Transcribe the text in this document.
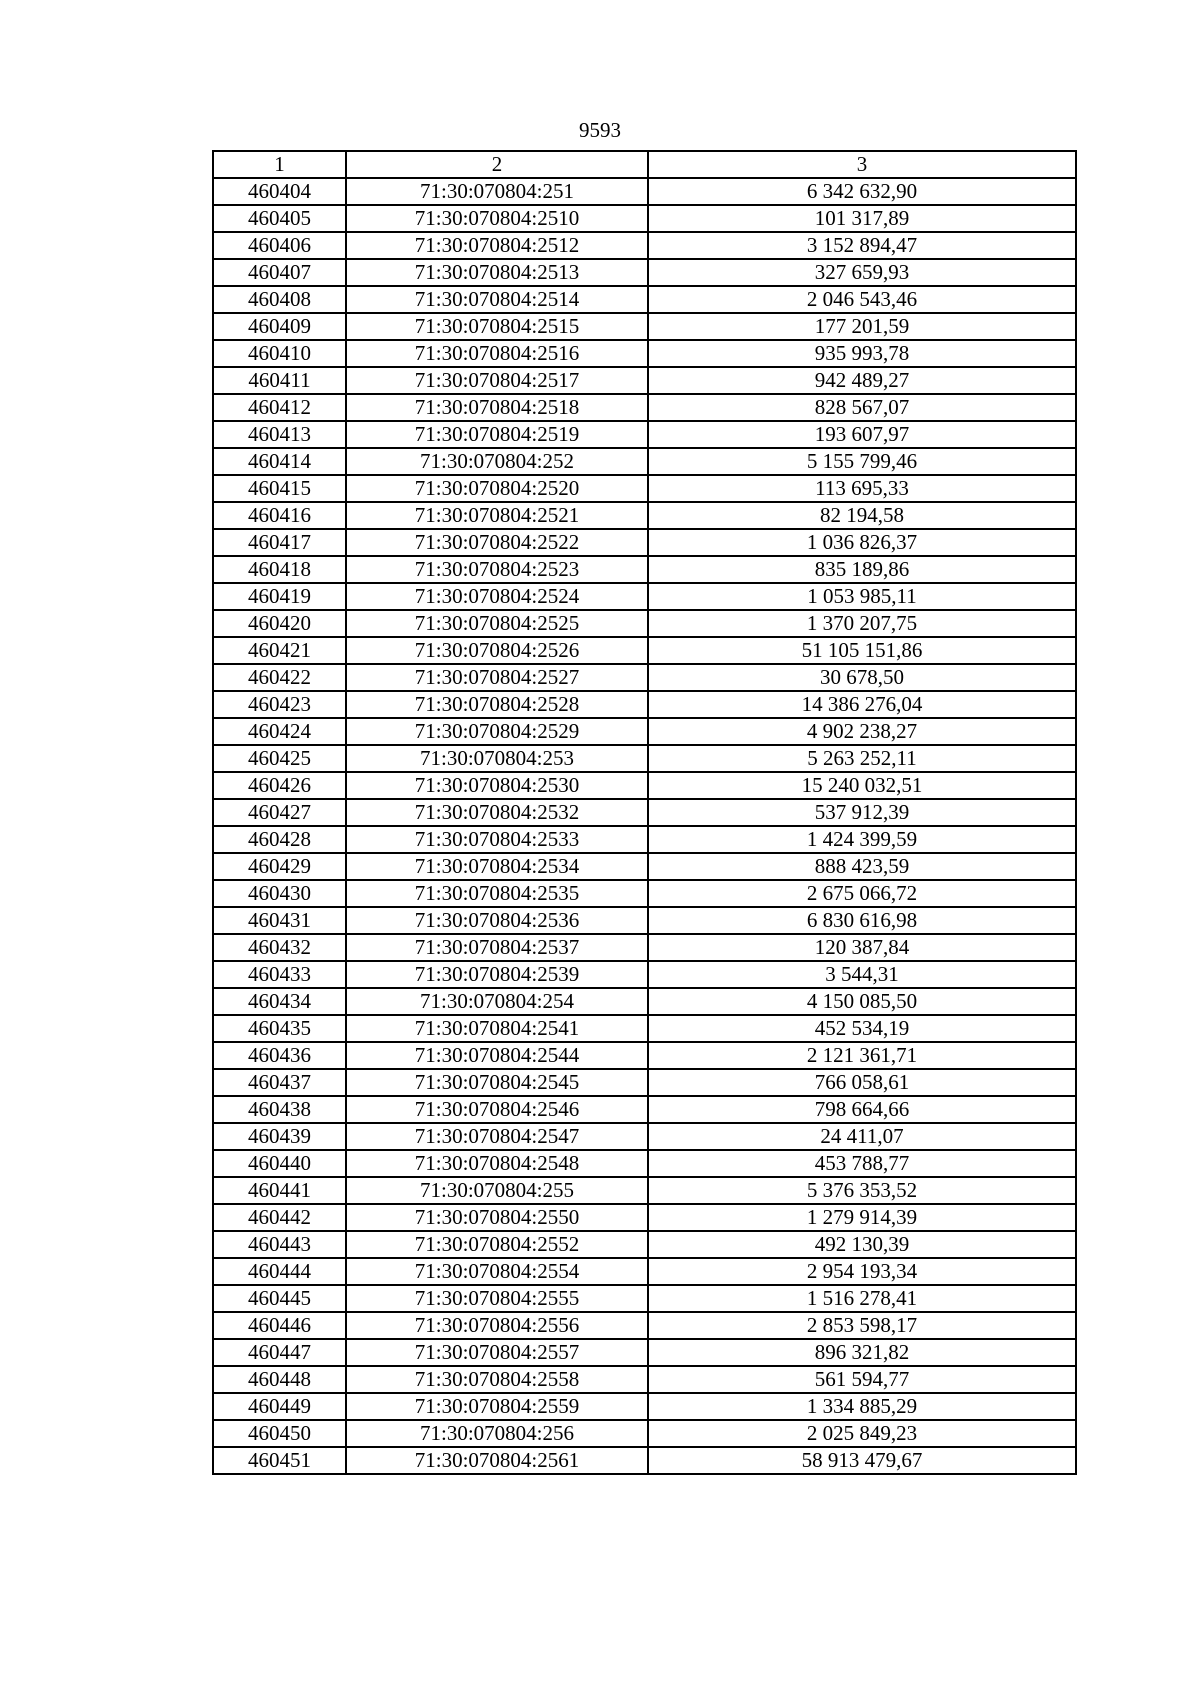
9593
1	2	3
460404	71:30:070804:251	6 342 632,90
460405	71:30:070804:2510	101 317,89
460406	71:30:070804:2512	3 152 894,47
460407	71:30:070804:2513	327 659,93
460408	71:30:070804:2514	2 046 543,46
460409	71:30:070804:2515	177 201,59
460410	71:30:070804:2516	935 993,78
460411	71:30:070804:2517	942 489,27
460412	71:30:070804:2518	828 567,07
460413	71:30:070804:2519	193 607,97
460414	71:30:070804:252	5 155 799,46
460415	71:30:070804:2520	113 695,33
460416	71:30:070804:2521	82 194,58
460417	71:30:070804:2522	1 036 826,37
460418	71:30:070804:2523	835 189,86
460419	71:30:070804:2524	1 053 985,11
460420	71:30:070804:2525	1 370 207,75
460421	71:30:070804:2526	51 105 151,86
460422	71:30:070804:2527	30 678,50
460423	71:30:070804:2528	14 386 276,04
460424	71:30:070804:2529	4 902 238,27
460425	71:30:070804:253	5 263 252,11
460426	71:30:070804:2530	15 240 032,51
460427	71:30:070804:2532	537 912,39
460428	71:30:070804:2533	1 424 399,59
460429	71:30:070804:2534	888 423,59
460430	71:30:070804:2535	2 675 066,72
460431	71:30:070804:2536	6 830 616,98
460432	71:30:070804:2537	120 387,84
460433	71:30:070804:2539	3 544,31
460434	71:30:070804:254	4 150 085,50
460435	71:30:070804:2541	452 534,19
460436	71:30:070804:2544	2 121 361,71
460437	71:30:070804:2545	766 058,61
460438	71:30:070804:2546	798 664,66
460439	71:30:070804:2547	24 411,07
460440	71:30:070804:2548	453 788,77
460441	71:30:070804:255	5 376 353,52
460442	71:30:070804:2550	1 279 914,39
460443	71:30:070804:2552	492 130,39
460444	71:30:070804:2554	2 954 193,34
460445	71:30:070804:2555	1 516 278,41
460446	71:30:070804:2556	2 853 598,17
460447	71:30:070804:2557	896 321,82
460448	71:30:070804:2558	561 594,77
460449	71:30:070804:2559	1 334 885,29
460450	71:30:070804:256	2 025 849,23
460451	71:30:070804:2561	58 913 479,67
